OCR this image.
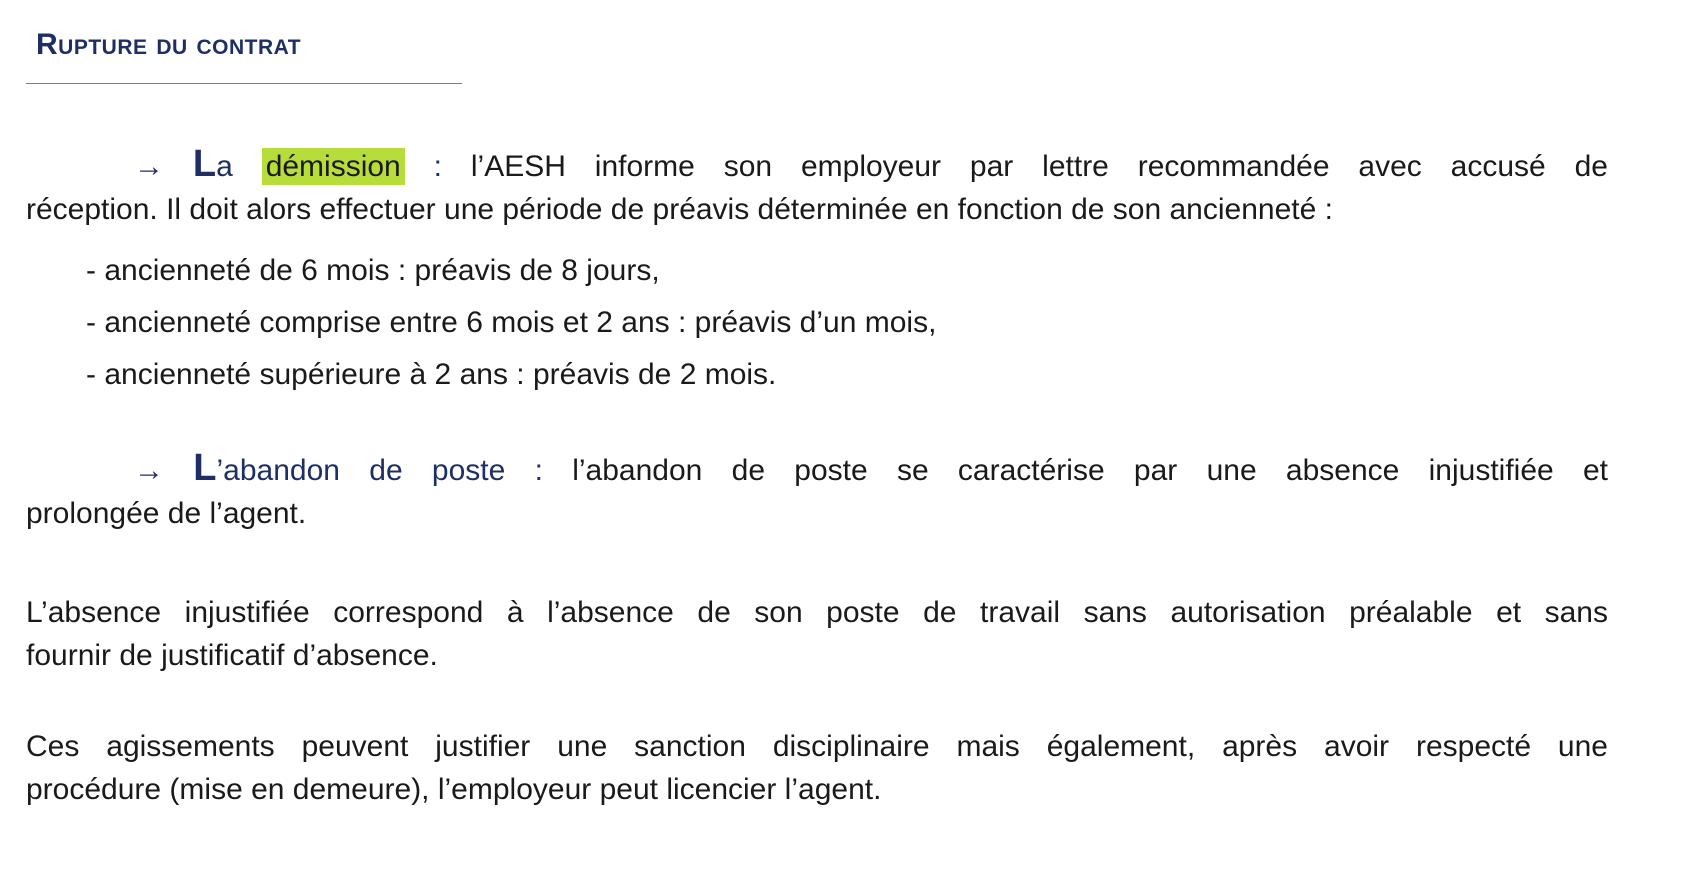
Rupture du contrat

→ La démission : l’AESH informe son employeur par lettre recommandée avec accusé de
réception. Il doit alors effectuer une période de préavis déterminée en fonction de son ancienneté :

- ancienneté de 6 mois : préavis de 8 jours,

- ancienneté comprise entre 6 mois et 2 ans : préavis d’un mois,

- ancienneté supérieure à 2 ans : préavis de 2 mois.

→ L’abandon de poste : l’abandon de poste se caractérise par une absence injustifiée et
prolongée de l’agent.

L’absence injustifiée correspond à l’absence de son poste de travail sans autorisation préalable et sans
fournir de justificatif d’absence.

Ces agissements peuvent justifier une sanction disciplinaire mais également, après avoir respecté une
procédure (mise en demeure), l’employeur peut licencier l’agent.
